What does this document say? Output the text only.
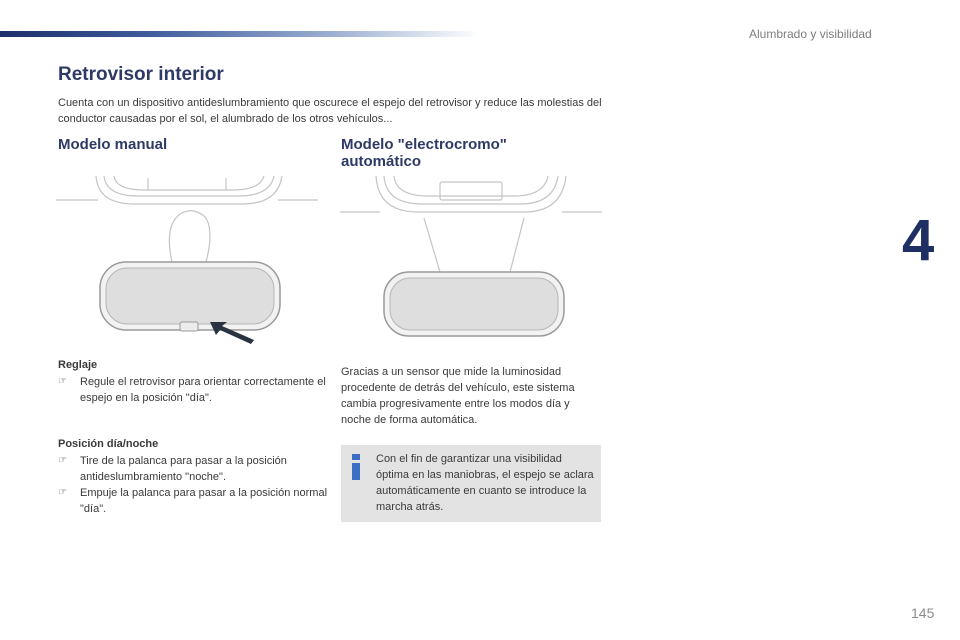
Alumbrado y visibilidad
4
Retrovisor interior

Cuenta con un dispositivo antideslumbramiento que oscurece el espejo del retrovisor y reduce las molestias del conductor causadas por el sol, el alumbrado de los otros vehículos...

Modelo manual	Modelo "electrocromo" automático
Reglaje
☞ Regule el retrovisor para orientar correctamente el espejo en la posición "día".
Posición día/noche
☞ Tire de la palanca para pasar a la posición antideslumbramiento "noche".
☞ Empuje la palanca para pasar a la posición normal "día".

Gracias a un sensor que mide la luminosidad procedente de detrás del vehículo, este sistema cambia progresivamente entre los modos día y noche de forma automática.

Con el fin de garantizar una visibilidad óptima en las maniobras, el espejo se aclara automáticamente en cuanto se introduce la marcha atrás.

145
